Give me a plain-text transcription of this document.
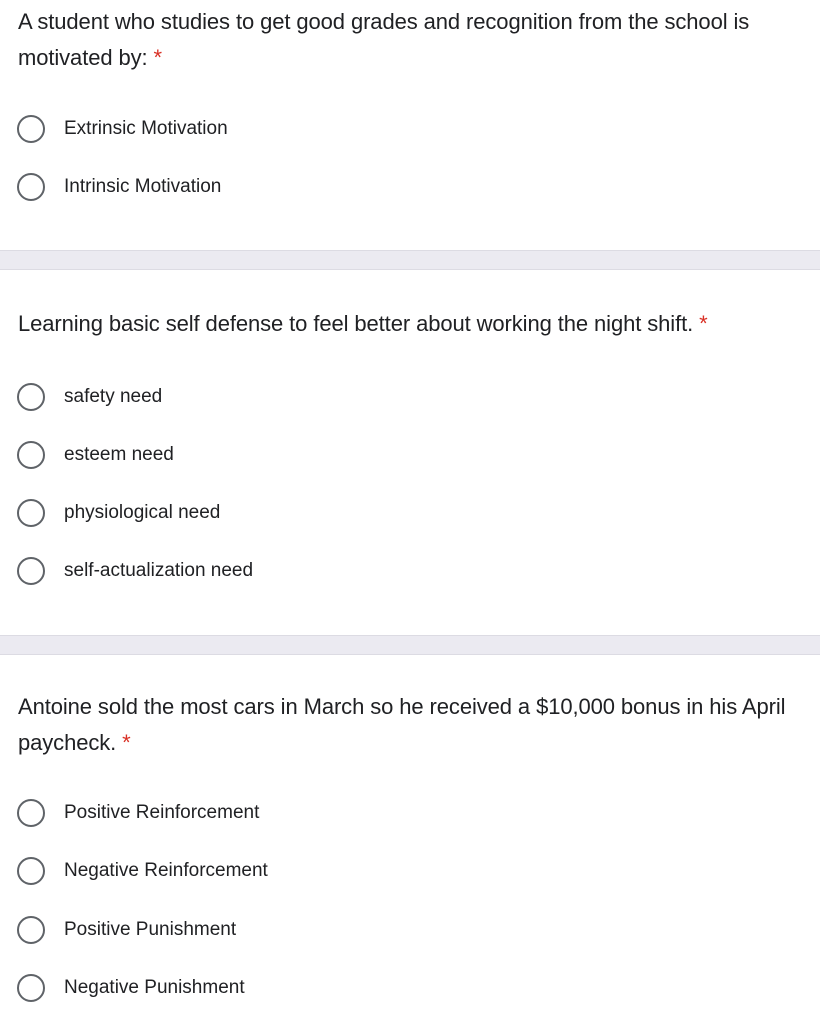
A student who studies to get good grades and recognition from the school is motivated by: *
Extrinsic Motivation
Intrinsic Motivation
Learning basic self defense to feel better about working the night shift. *
safety need
esteem need
physiological need
self-actualization need
Antoine sold the most cars in March so he received a $10,000 bonus in his April paycheck. *
Positive Reinforcement
Negative Reinforcement
Positive Punishment
Negative Punishment
